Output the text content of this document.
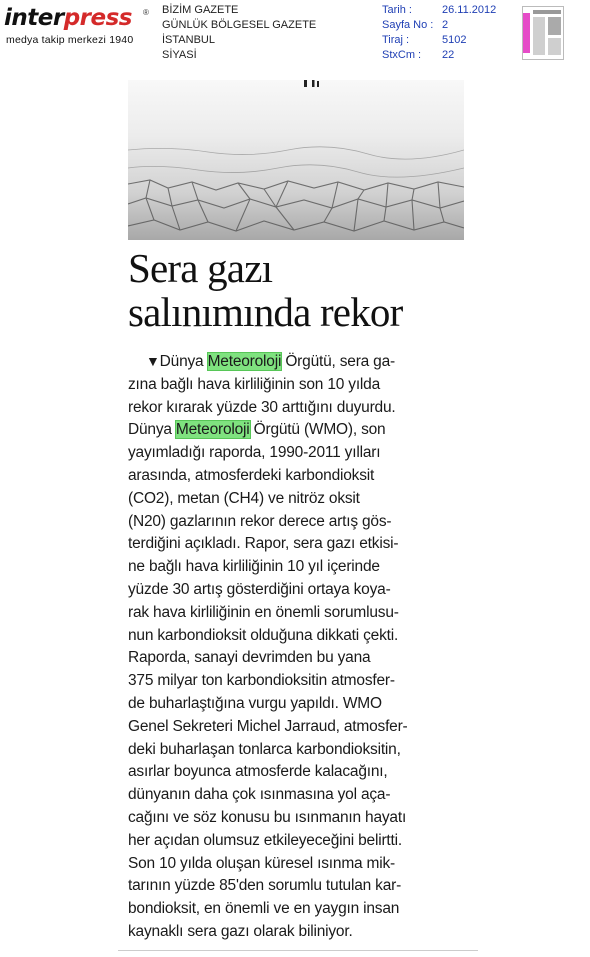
interpress ®
medya takip merkezi 1940
BİZİM GAZETE
GÜNLÜK BÖLGESEL GAZETE
İSTANBUL
SİYASİ
Tarih :	26.11.2012
Sayfa No : 2
Tiraj :	5102
StxCm :	22
Sera gazı
salınımında rekor
▼Dünya Meteoroloji Örgütü, sera ga-
zına bağlı hava kirliliğinin son 10 yılda
rekor kırarak yüzde 30 arttığını duyurdu.
Dünya Meteoroloji Örgütü (WMO), son
yayımladığı raporda, 1990-2011 yılları
arasında, atmosferdeki karbondioksit
(CO2), metan (CH4) ve nitröz oksit
(N20) gazlarının rekor derece artış gös-
terdiğini açıkladı. Rapor, sera gazı etkisi-
ne bağlı hava kirliliğinin 10 yıl içerinde
yüzde 30 artış gösterdiğini ortaya koya-
rak hava kirliliğinin en önemli sorumlusu-
nun karbondioksit olduğuna dikkati çekti.
Raporda, sanayi devrimden bu yana
375 milyar ton karbondioksitin atmosfer-
de buharlaştığına vurgu yapıldı. WMO
Genel Sekreteri Michel Jarraud, atmosfer-
deki buharlaşan tonlarca karbondioksitin,
asırlar boyunca atmosferde kalacağını,
dünyanın daha çok ısınmasına yol aça-
cağını ve söz konusu bu ısınmanın hayatı
her açıdan olumsuz etkileyeceğini belirtti.
Son 10 yılda oluşan küresel ısınma mik-
tarının yüzde 85'den sorumlu tutulan kar-
bondioksit, en önemli ve en yaygın insan
kaynaklı sera gazı olarak biliniyor.
